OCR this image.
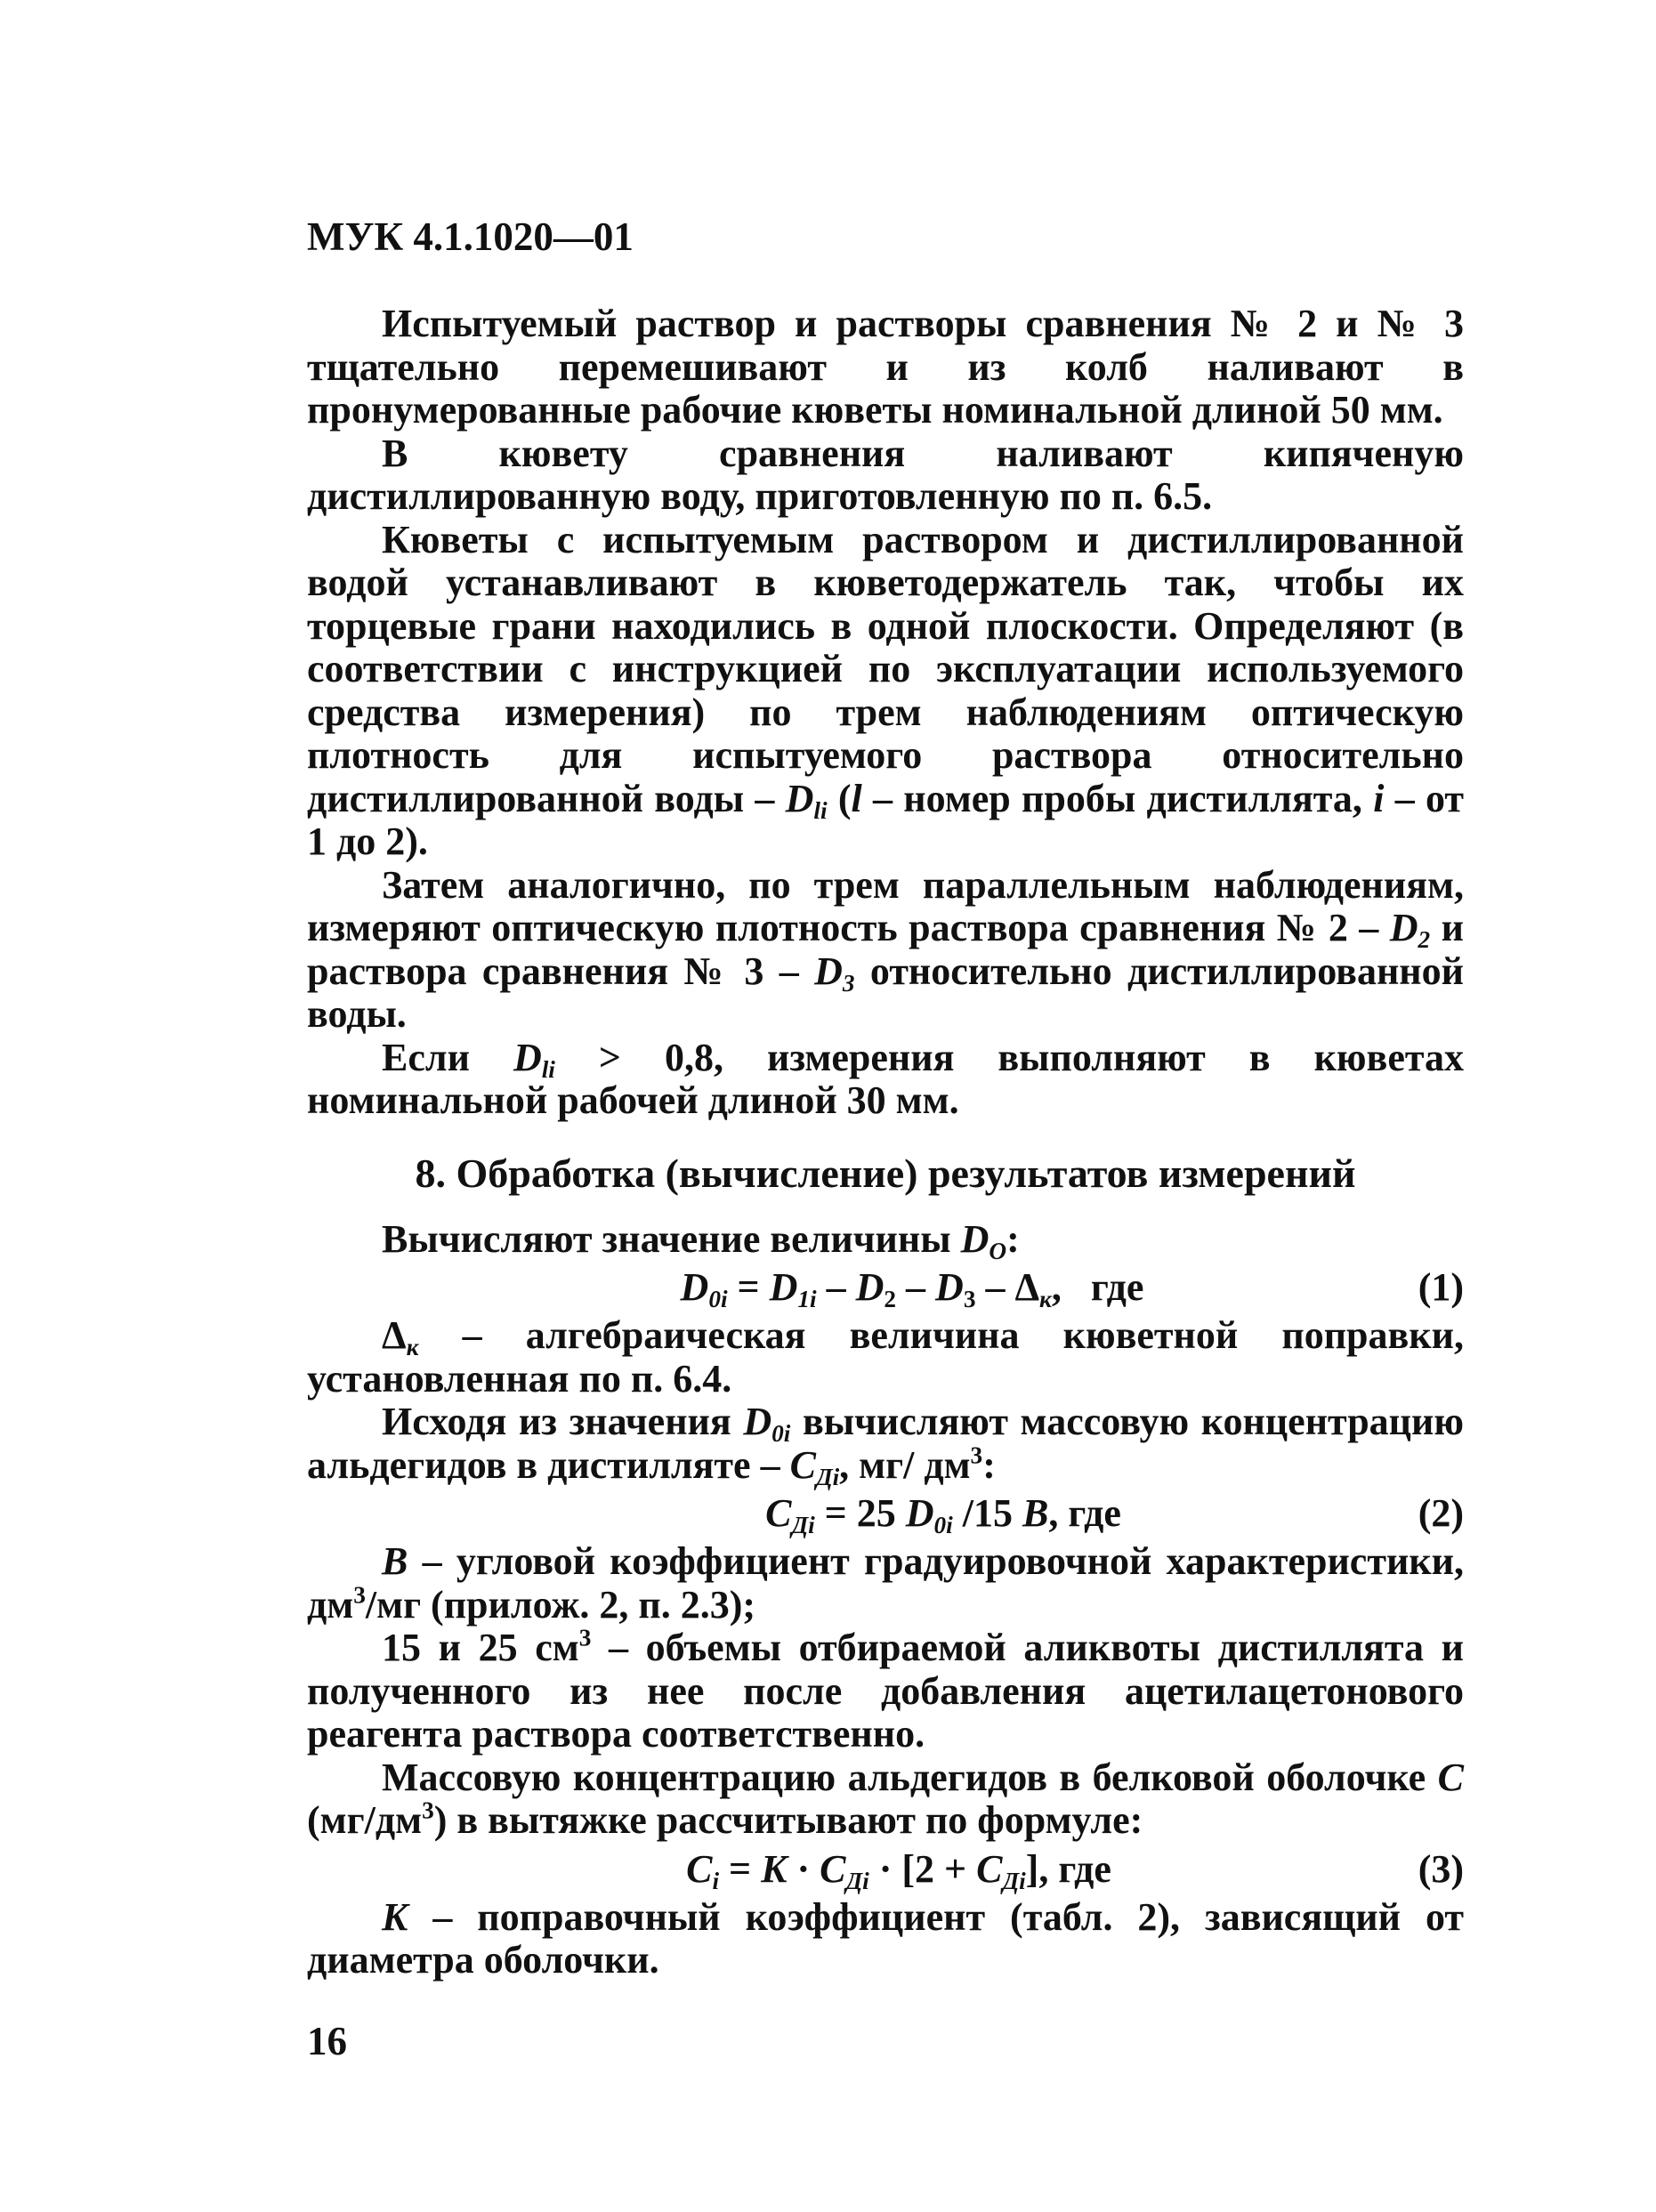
МУК 4.1.1020—01

Испытуемый раствор и растворы сравнения № 2 и № 3 тщательно перемешивают и из колб наливают в пронумерованные рабочие кюветы номинальной длиной 50 мм.

В кювету сравнения наливают кипяченую дистиллированную воду, приготовленную по п. 6.5.

Кюветы с испытуемым раствором и дистиллированной водой устанавливают в кюветодержатель так, чтобы их торцевые грани находились в одной плоскости. Определяют (в соответствии с инструкцией по эксплуатации используемого средства измерения) по трем наблюдениям оптическую плотность для испытуемого раствора относительно дистиллированной воды – $D_{li}$ (l – номер пробы дистиллята, i – от 1 до 2).

Затем аналогично, по трем параллельным наблюдениям, измеряют оптическую плотность раствора сравнения № $2 - D_2$ и раствора сравнения № $3 - D_3$ относительно дистиллированной воды.

Если $D_{li} > 0,8$, измерения выполняют в кюветах номинальной рабочей длиной 30 мм.

8. Обработка (вычисление) результатов измерений

Вычисляют значение величины $D_O$:

$D_{0i} = D_{1i} - D_2 - D_3 - \Delta_к$,   где	(1)

$\Delta_к$ – алгебраическая величина кюветной поправки, установленная по п. 6.4.

Исходя из значения $D_{0i}$ вычисляют массовую концентрацию альдегидов в дистилляте – $C_{Дi}$, мг/ $дм^3$:

$C_{Дi} = 25$ $D_{0i}$ /15 B, где	(2)

B – угловой коэффициент градуировочной характеристики, $дм^3/мг$ (прилож. 2, п. 2.3);

15 и 25 $см^3$ – объемы отбираемой аликвоты дистиллята и полученного из нее после добавления ацетилацетонового реагента раствора соответственно.

Массовую концентрацию альдегидов в белковой оболочке C $(мг/дм^3)$ в вытяжке рассчитывают по формуле:

$C_i = K \cdot C_{Дi} \cdot [2 + C_{Дi}]$, где	(3)

K – поправочный коэффициент (табл. 2), зависящий от диаметра оболочки.

16
